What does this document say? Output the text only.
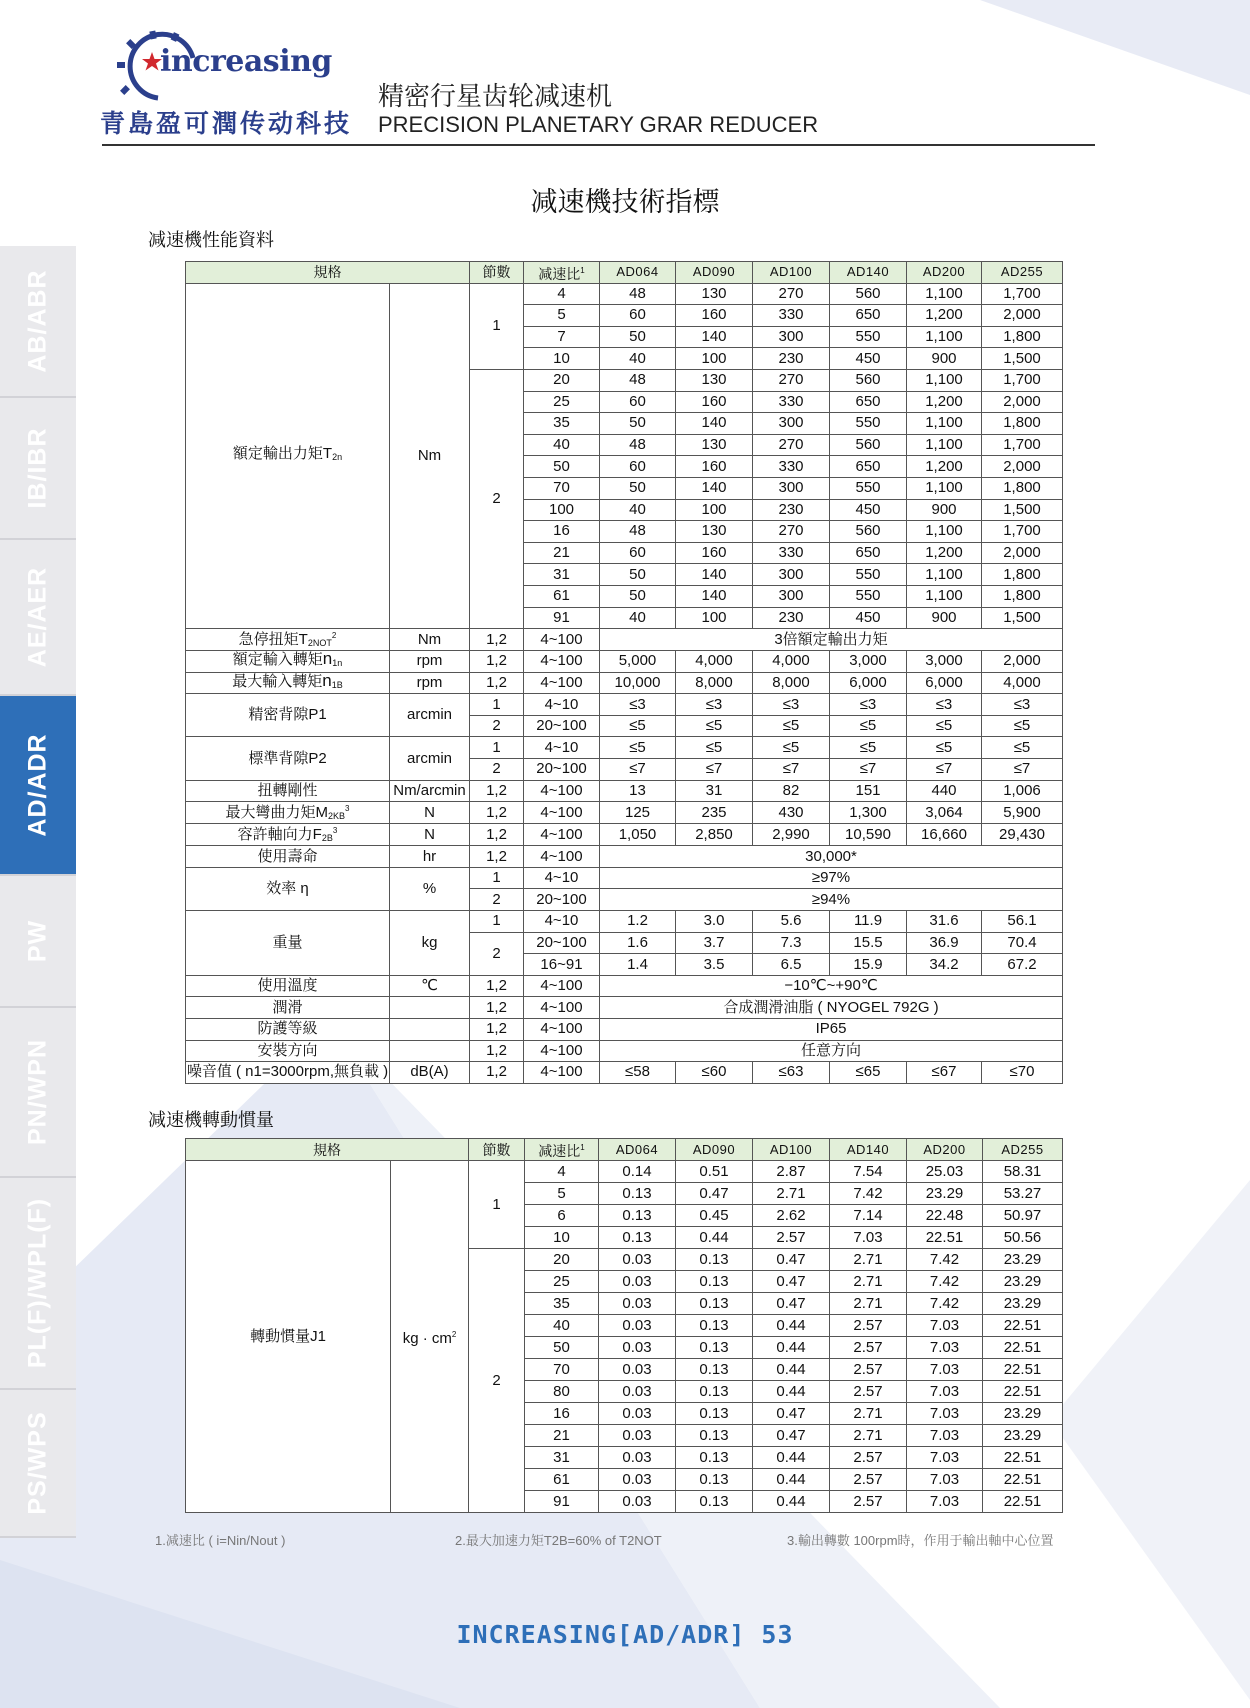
increasing
青島盈可潤传动科技
精密行星齿轮减速机
PRECISION PLANETARY GRAR REDUCER
减速機技術指標
减速機性能資料
AB/ABR
IB/IBR
AE/AER
AD/ADR
PW
PN/WPN
PL(F)/WPL(F)
PS/WPS
規格		節數	减速比$^1$	AD064	AD090	AD100	AD140	AD200	AD255
額定輸出力矩T2n	Nm	1	4	48	130	270	560	1,100	1,700
			5	60	160	330	650	1,200	2,000
			7	50	140	300	550	1,100	1,800
			10	40	100	230	450	900	1,500
		2	20	48	130	270	560	1,100	1,700
			25	60	160	330	650	1,200	2,000
			35	50	140	300	550	1,100	1,800
			40	48	130	270	560	1,100	1,700
			50	60	160	330	650	1,200	2,000
			70	50	140	300	550	1,100	1,800
			100	40	100	230	450	900	1,500
			16	48	130	270	560	1,100	1,700
			21	60	160	330	650	1,200	2,000
			31	50	140	300	550	1,100	1,800
			61	50	140	300	550	1,100	1,800
			91	40	100	230	450	900	1,500
急停扭矩T2NOT$^2$	Nm	1,2	4~100	3倍額定輸出力矩					
額定輸入轉矩n1n	rpm	1,2	4~100	5,000	4,000	4,000	3,000	3,000	2,000
最大輸入轉矩n1B	rpm	1,2	4~100	10,000	8,000	8,000	6,000	6,000	4,000
精密背隙P1	arcmin	1	4~10	≤3	≤3	≤3	≤3	≤3	≤3
		2	20~100	≤5	≤5	≤5	≤5	≤5	≤5
標準背隙P2	arcmin	1	4~10	≤5	≤5	≤5	≤5	≤5	≤5
		2	20~100	≤7	≤7	≤7	≤7	≤7	≤7
扭轉剛性	Nm/arcmin	1,2	4~100	13	31	82	151	440	1,006
最大彎曲力矩$M2KB^3$	N	1,2	4~100	125	235	430	1,300	3,064	5,900
容許軸向力$F2B^3$	N	1,2	4~100	1,050	2,850	2,990	10,590	16,660	29,430
使用壽命	hr	1,2	4~100	30,000*					
效率 η	%	1	4~10	≥97%					
		2	20~100	≥94%					
重量	kg	1	4~10	1.2	3.0	5.6	11.9	31.6	56.1
		2	20~100	1.6	3.7	7.3	15.5	36.9	70.4
			16~91	1.4	3.5	6.5	15.9	34.2	67.2
使用溫度	℃	1,2	4~100	−10℃~+90℃					
潤滑		1,2	4~100	合成潤滑油脂 ( NYOGEL 792G )					
防護等級		1,2	4~100	IP65					
安裝方向		1,2	4~100	任意方向					
噪音值 ( n1=3000rpm,無負載 )	dB(A)	1,2	4~100	≤58	≤60	≤63	≤65	≤67	≤70
减速機轉動慣量
規格		節數	减速比$^1$	AD064	AD090	AD100	AD140	AD200	AD255
轉動慣量J1	kg · $cm^2$	1	4	0.14	0.51	2.87	7.54	25.03	58.31
			5	0.13	0.47	2.71	7.42	23.29	53.27
			6	0.13	0.45	2.62	7.14	22.48	50.97
			10	0.13	0.44	2.57	7.03	22.51	50.56
		2	20	0.03	0.13	0.47	2.71	7.42	23.29
			25	0.03	0.13	0.47	2.71	7.42	23.29
			35	0.03	0.13	0.47	2.71	7.42	23.29
			40	0.03	0.13	0.44	2.57	7.03	22.51
			50	0.03	0.13	0.44	2.57	7.03	22.51
			70	0.03	0.13	0.44	2.57	7.03	22.51
			80	0.03	0.13	0.44	2.57	7.03	22.51
			16	0.03	0.13	0.47	2.71	7.03	23.29
			21	0.03	0.13	0.47	2.71	7.03	23.29
			31	0.03	0.13	0.44	2.57	7.03	22.51
			61	0.03	0.13	0.44	2.57	7.03	22.51
			91	0.03	0.13	0.44	2.57	7.03	22.51
1.减速比 ( i=Nin/Nout )	2.最大加速力矩T2B=60% of T2NOT	3.輸出轉數 100rpm時，作用于輸出軸中心位置
INCREASING[AD/ADR] 53
